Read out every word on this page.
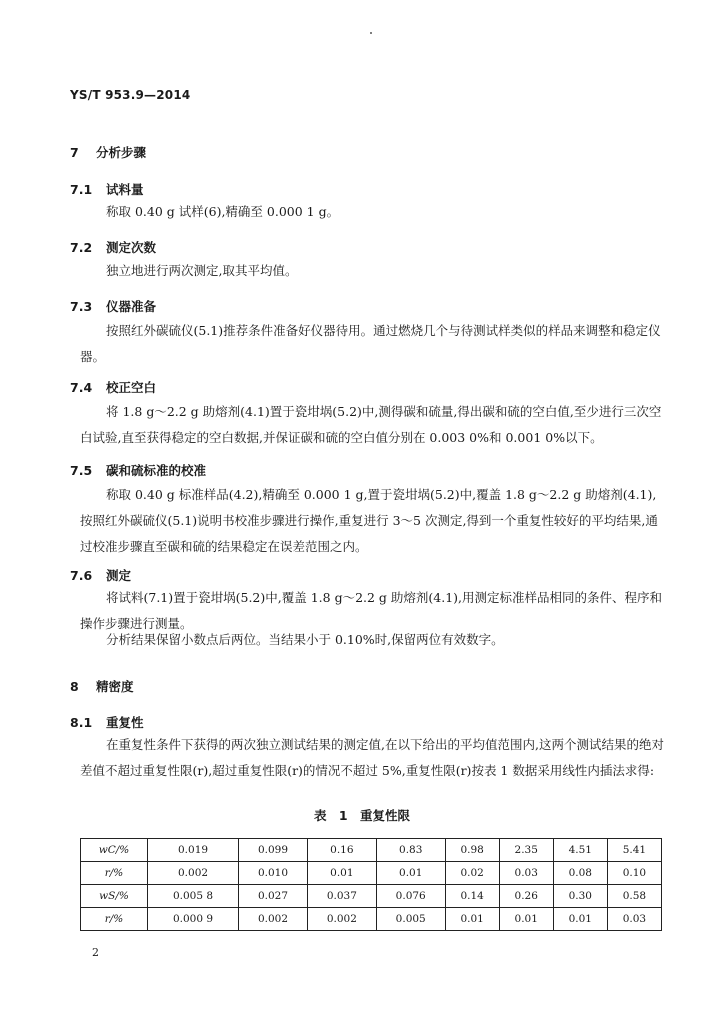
YS/T 953.9—2014
7 分析步骤
7.1 试料量
称取 0.40 g 试样(6),精确至 0.000 1 g。
7.2 测定次数
独立地进行两次测定,取其平均值。
7.3 仪器准备
按照红外碳硫仪(5.1)推荐条件准备好仪器待用。通过燃烧几个与待测试样类似的样品来调整和稳定仪器。
7.4 校正空白
将 1.8 g～2.2 g 助熔剂(4.1)置于瓷坩埚(5.2)中,测得碳和硫量,得出碳和硫的空白值,至少进行三次空白试验,直至获得稳定的空白数据,并保证碳和硫的空白值分别在 0.003 0%和 0.001 0%以下。
7.5 碳和硫标准的校准
称取 0.40 g 标准样品(4.2),精确至 0.000 1 g,置于瓷坩埚(5.2)中,覆盖 1.8 g～2.2 g 助熔剂(4.1),按照红外碳硫仪(5.1)说明书校准步骤进行操作,重复进行 3～5 次测定,得到一个重复性较好的平均结果,通过校准步骤直至碳和硫的结果稳定在误差范围之内。
7.6 测定
将试料(7.1)置于瓷坩埚(5.2)中,覆盖 1.8 g～2.2 g 助熔剂(4.1),用测定标准样品相同的条件、程序和操作步骤进行测量。
分析结果保留小数点后两位。当结果小于 0.10%时,保留两位有效数字。
8 精密度
8.1 重复性
在重复性条件下获得的两次独立测试结果的测定值,在以下给出的平均值范围内,这两个测试结果的绝对差值不超过重复性限(r),超过重复性限(r)的情况不超过 5%,重复性限(r)按表 1 数据采用线性内插法求得:
表 1　重复性限
wC/%	0.019	0.099	0.16	0.83	0.98	2.35	4.51	5.41
r/%	0.002	0.010	0.01	0.01	0.02	0.03	0.08	0.10
wS/%	0.005 8	0.027	0.037	0.076	0.14	0.26	0.30	0.58
r/%	0.000 9	0.002	0.002	0.005	0.01	0.01	0.01	0.03
2
